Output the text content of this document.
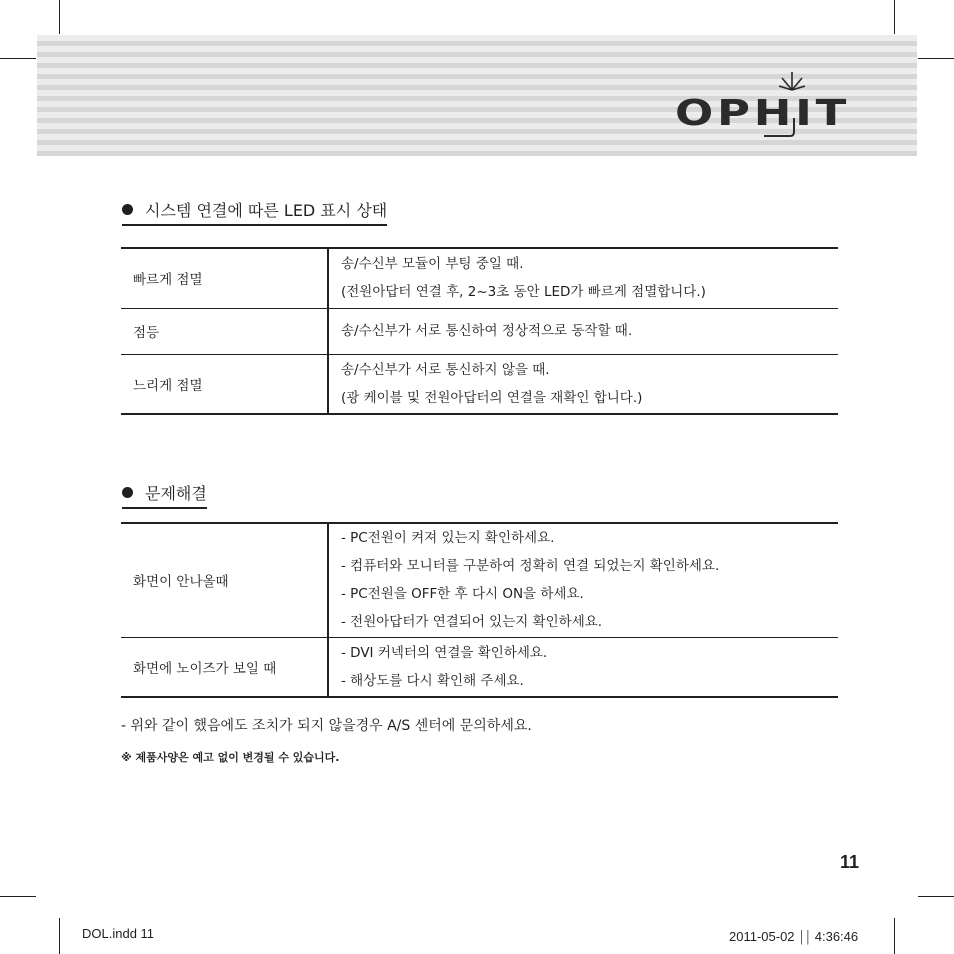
OPHIT
시스템 연결에 따른 LED 표시 상태
빠르게 점멸	송/수신부 모듈이 부팅 중일 때.
(전원아답터 연결 후, 2~3초 동안 LED가 빠르게 점멸합니다.)

점등	송/수신부가 서로 통신하여 정상적으로 동작할 때.

느리게 점멸	송/수신부가 서로 통신하지 않을 때.
(광 케이블 및 전원아답터의 연결을 재확인 합니다.)
문제해결
화면이 안나올때	- PC전원이 켜져 있는지 확인하세요.
- 컴퓨터와 모니터를 구분하여 정확히 연결 되었는지 확인하세요.
- PC전원을 OFF한 후 다시 ON을 하세요.
- 전원아답터가 연결되어 있는지 확인하세요.

화면에 노이즈가 보일 때	- DVI 커넥터의 연결을 확인하세요.
- 해상도를 다시 확인해 주세요.
- 위와 같이 했음에도 조치가 되지 않을경우 A/S 센터에 문의하세요.
※ 제품사양은 예고 없이 변경될 수 있습니다.
11
DOL.indd 11	2011-05-02 ￨￨ 4:36:46
